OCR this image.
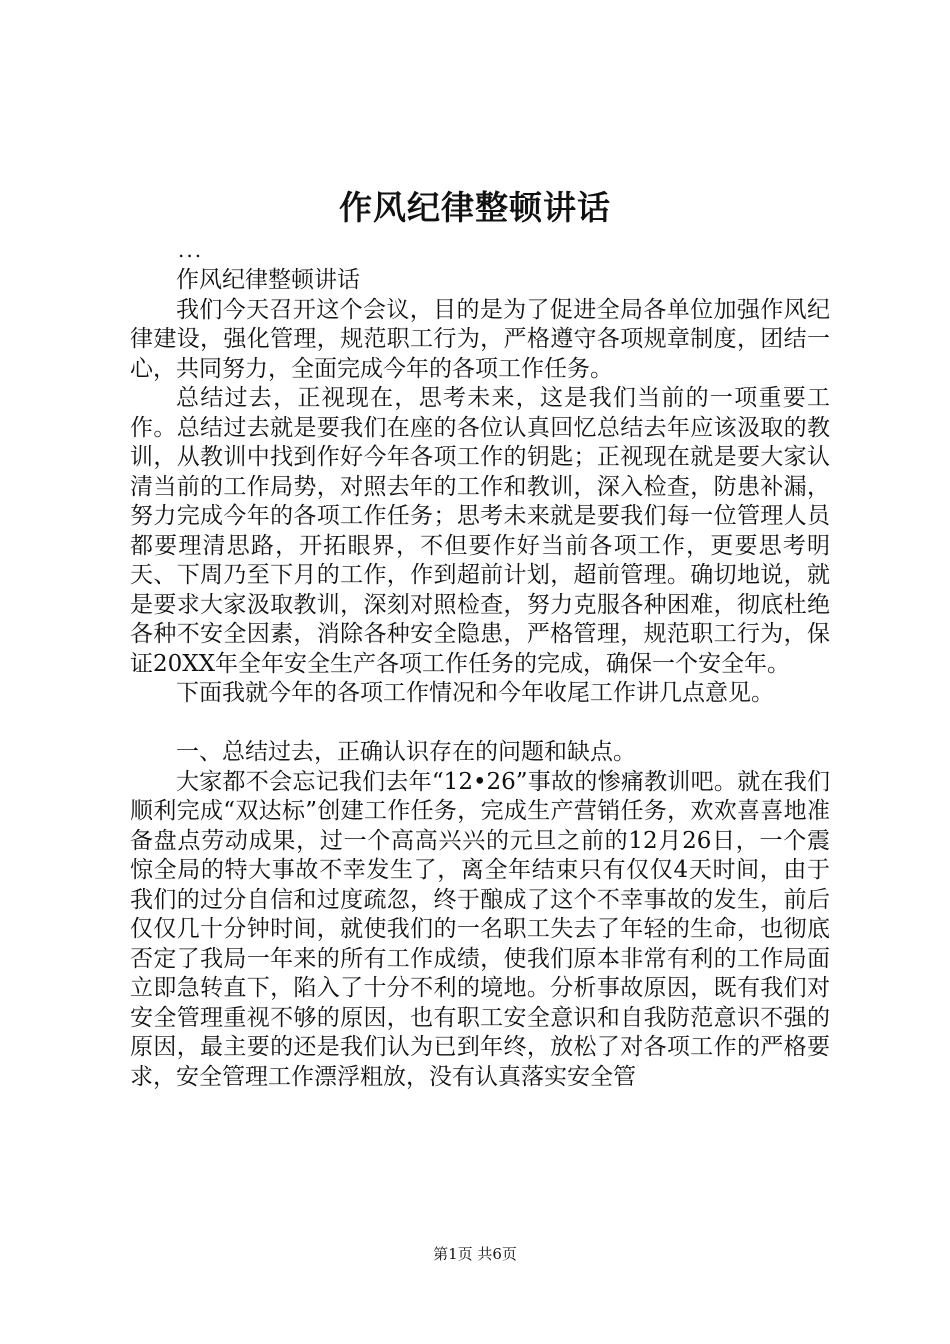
作风纪律整顿讲话
...

作风纪律整顿讲话

我们今天召开这个会议，目的是为了促进全局各单位加强作风纪律建设，强化管理，规范职工行为，严格遵守各项规章制度，团结一心，共同努力，全面完成今年的各项工作任务。

总结过去，正视现在，思考未来，这是我们当前的一项重要工作。总结过去就是要我们在座的各位认真回忆总结去年应该汲取的教训，从教训中找到作好今年各项工作的钥匙；正视现在就是要大家认清当前的工作局势，对照去年的工作和教训，深入检查，防患补漏，努力完成今年的各项工作任务；思考未来就是要我们每一位管理人员都要理清思路，开拓眼界，不但要作好当前各项工作，更要思考明天、下周乃至下月的工作，作到超前计划，超前管理。确切地说，就是要求大家汲取教训，深刻对照检查，努力克服各种困难，彻底杜绝各种不安全因素，消除各种安全隐患，严格管理，规范职工行为，保证20XX年全年安全生产各项工作任务的完成，确保一个安全年。

下面我就今年的各项工作情况和今年收尾工作讲几点意见。

一、总结过去，正确认识存在的问题和缺点。

大家都不会忘记我们去年“12•26”事故的惨痛教训吧。就在我们顺利完成“双达标”创建工作任务，完成生产营销任务，欢欢喜喜地准备盘点劳动成果，过一个高高兴兴的元旦之前的12月26日，一个震惊全局的特大事故不幸发生了，离全年结束只有仅仅4天时间，由于我们的过分自信和过度疏忽，终于酿成了这个不幸事故的发生，前后仅仅几十分钟时间，就使我们的一名职工失去了年轻的生命，也彻底否定了我局一年来的所有工作成绩，使我们原本非常有利的工作局面立即急转直下，陷入了十分不利的境地。分析事故原因，既有我们对安全管理重视不够的原因，也有职工安全意识和自我防范意识不强的原因，最主要的还是我们认为已到年终，放松了对各项工作的严格要求，安全管理工作漂浮粗放，没有认真落实安全管

第1页 共6页
